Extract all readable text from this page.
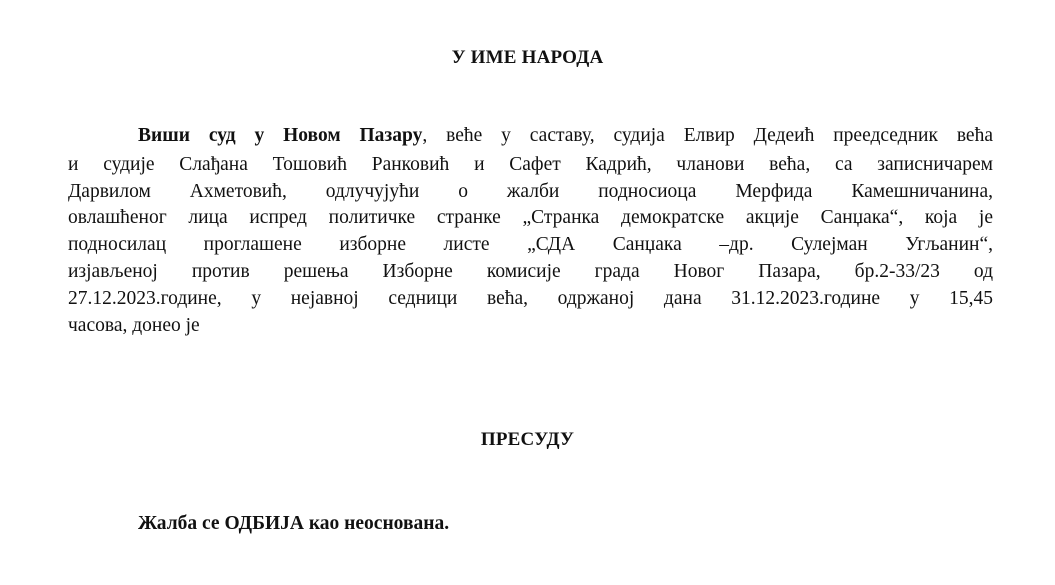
У ИМЕ НАРОДА
Виши суд у Новом Пазару, веће у саставу, судија Елвир Дедеић преедседник већа
и судије Слађана Тошовић Ранковић и Сафет Кадрић, чланови већа, са записничарем
Дарвилом Ахметовић, одлучујући о жалби подносиоца Мерфида Камешничанина,
овлашћеног лица испред политичке странке „Странка демократске акције Санџака“, која је
подносилац проглашене изборне листе „СДА Санџака –др. Сулејман Угљанин“,
изјављеној против решења Изборне комисије града Новог Пазара, бр.2-33/23 од
27.12.2023.године, у нејавној седници већа, одржаној дана 31.12.2023.године у 15,45
часова, донео је
ПРЕСУДУ
Жалба се ОДБИЈА као неоснована.
